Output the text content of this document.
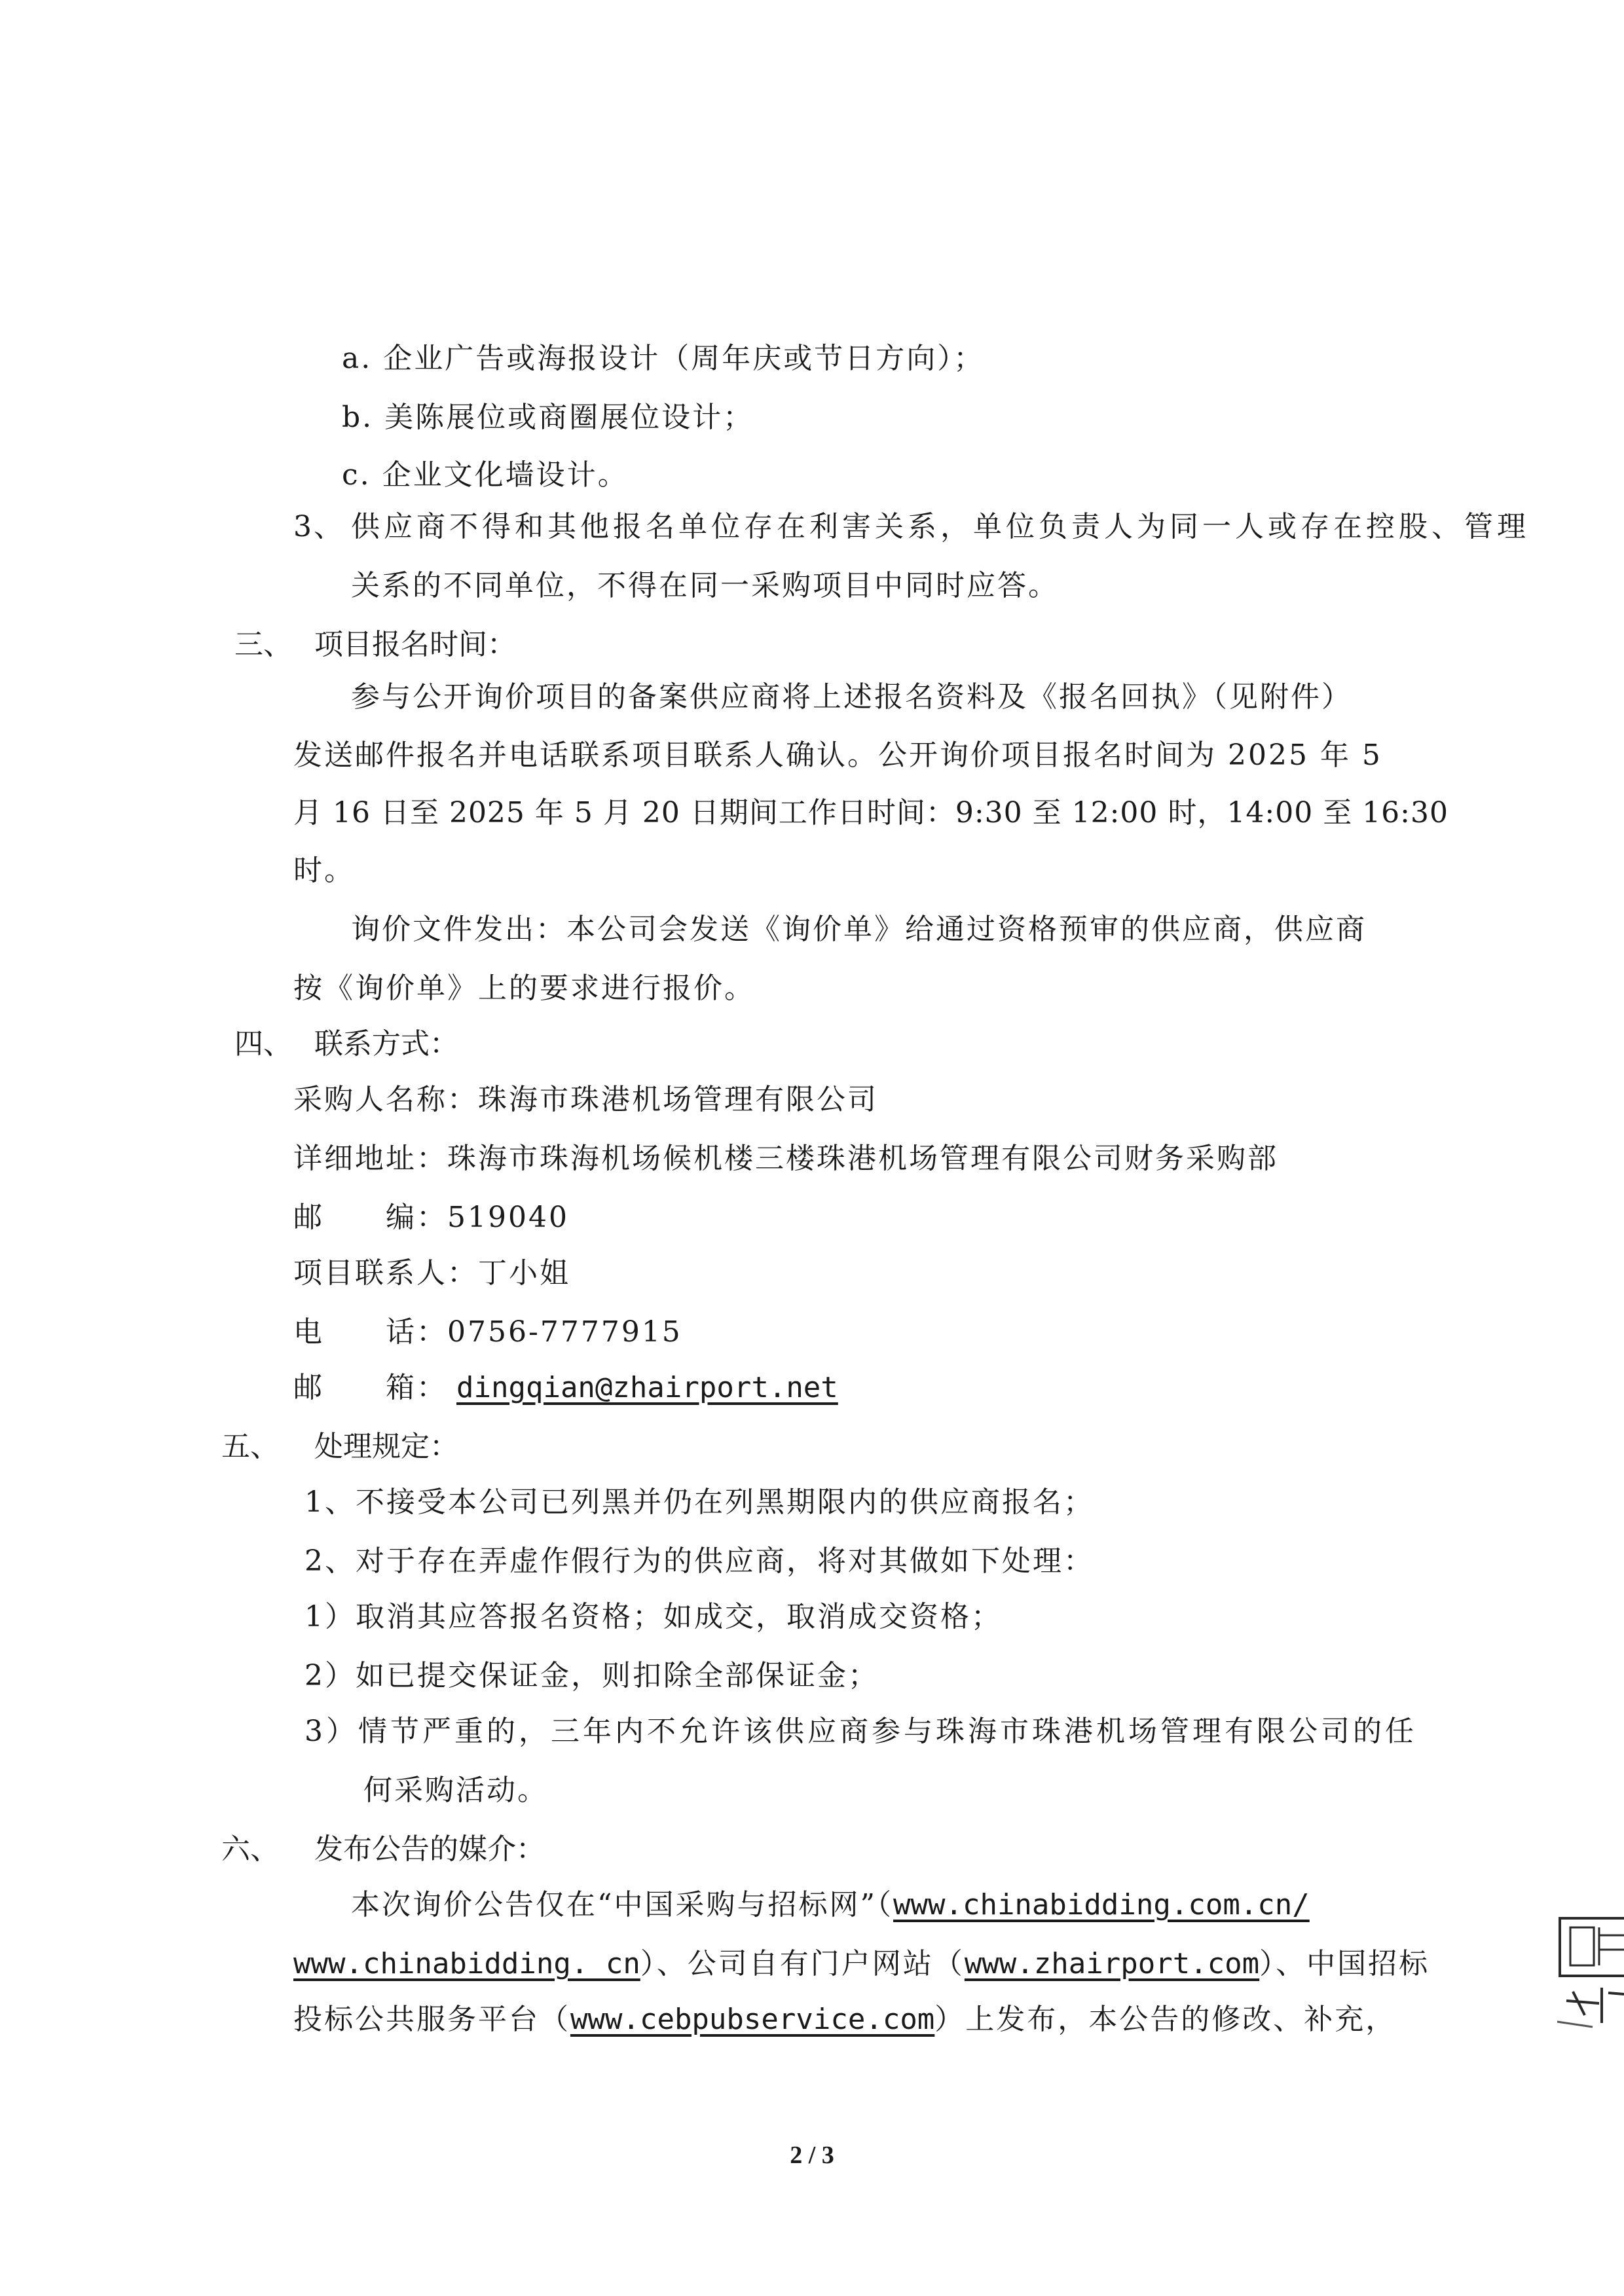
a. 企业广告或海报设计（周年庆或节日方向）；
b. 美陈展位或商圈展位设计；
c. 企业文化墙设计。
3、 供应商不得和其他报名单位存在利害关系，单位负责人为同一人或存在控股、管理
关系的不同单位，不得在同一采购项目中同时应答。
三、 项目报名时间：
参与公开询价项目的备案供应商将上述报名资料及《报名回执》（见附件）
发送邮件报名并电话联系项目联系人确认。公开询价项目报名时间为 2025 年 5
月 16 日至 2025 年 5 月 20 日期间工作日时间：9:30 至 12:00 时，14:00 至 16:30
时。
询价文件发出：本公司会发送《询价单》给通过资格预审的供应商，供应商
按《询价单》上的要求进行报价。
四、 联系方式：
采购人名称：珠海市珠港机场管理有限公司
详细地址：珠海市珠海机场候机楼三楼珠港机场管理有限公司财务采购部
邮　　编：519040
项目联系人：丁小姐
电　　话：0756-7777915
邮　　箱： dingqian@zhairport.net
五、 处理规定：
1、不接受本公司已列黑并仍在列黑期限内的供应商报名；
2、对于存在弄虚作假行为的供应商，将对其做如下处理：
1）取消其应答报名资格；如成交，取消成交资格；
2）如已提交保证金，则扣除全部保证金；
3）情节严重的，三年内不允许该供应商参与珠海市珠港机场管理有限公司的任
何采购活动。
六、 发布公告的媒介：
本次询价公告仅在“中国采购与招标网”（www.chinabidding.com.cn/
www.chinabidding. cn）、公司自有门户网站（www.zhairport.com）、中国招标
投标公共服务平台（www.cebpubservice.com）上发布，本公告的修改、补充，
2 / 3
